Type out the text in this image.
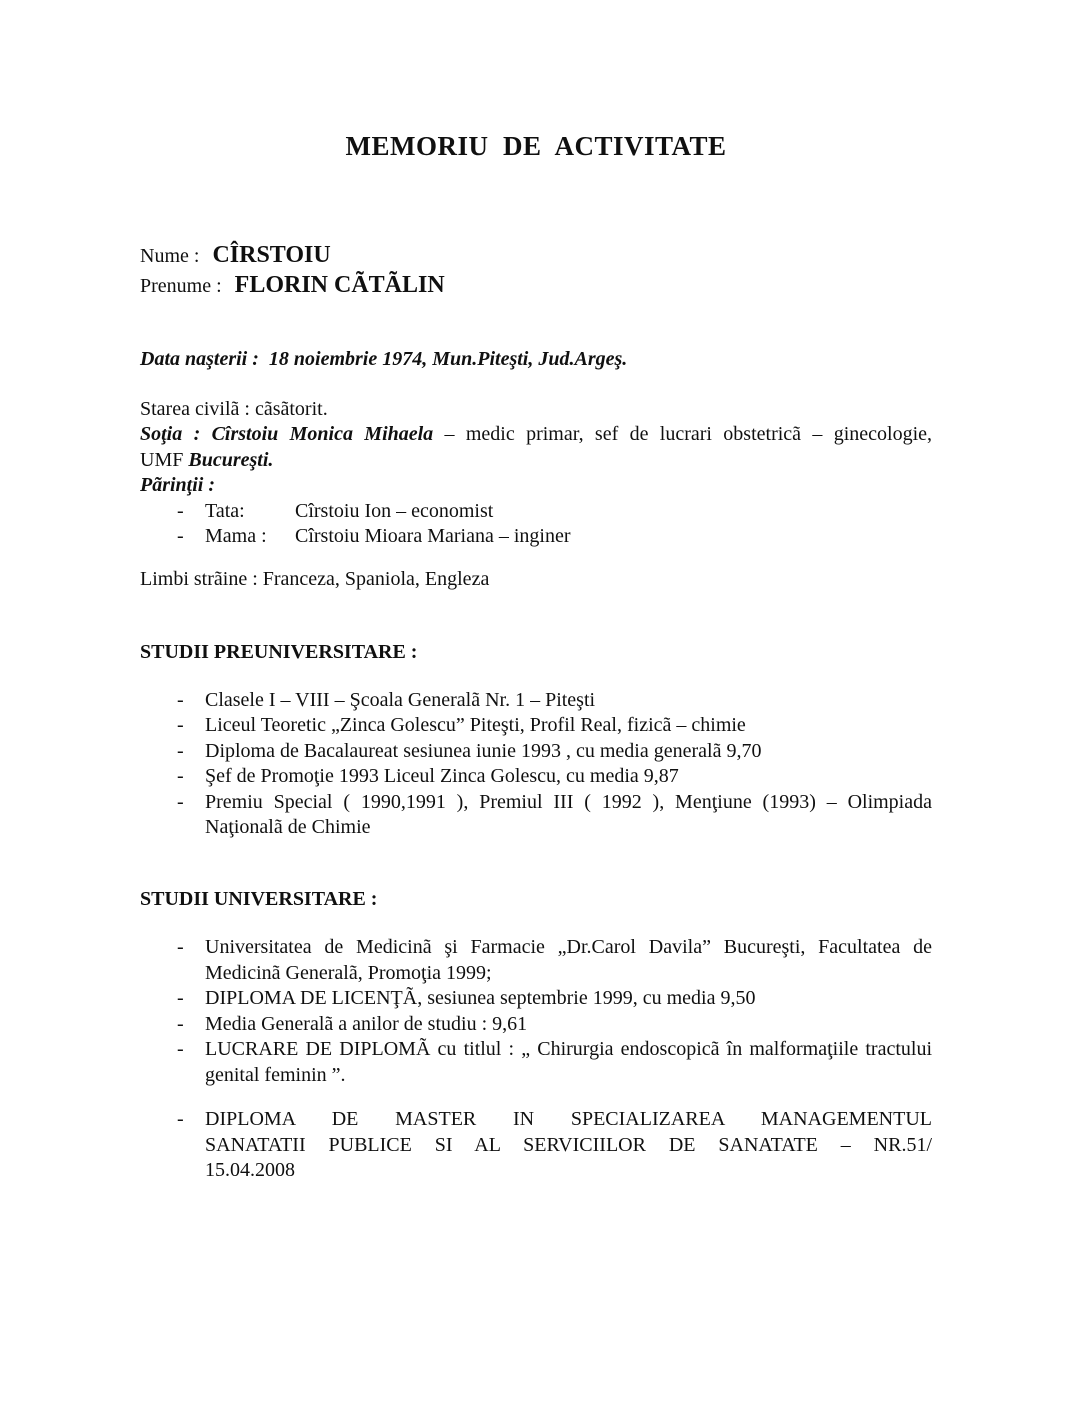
MEMORIU  DE  ACTIVITATE
Nume : CÎRSTOIU
Prenume : FLORIN CÃTÃLIN

Data naşterii :  18 noiembrie 1974, Mun.Piteşti, Jud.Argeş.

Starea civilã : cãsãtorit.

Soţia : Cîrstoiu Monica Mihaela – medic primar, sef de lucrari obstetricã – ginecologie,

UMF Bucureşti.

Pãrinţii :

- Tata:	Cîrstoiu Ion – economist
- Mama : Cîrstoiu Mioara Mariana – inginer

Limbi strãine : Franceza, Spaniola, Engleza

STUDII PREUNIVERSITARE :
- Clasele I – VIII – Şcoala Generalã Nr. 1 – Piteşti
- Liceul Teoretic „Zinca Golescu” Piteşti, Profil Real, fizicã – chimie
- Diploma de Bacalaureat sesiunea iunie 1993 , cu media generalã 9,70
- Şef de Promoţie 1993 Liceul Zinca Golescu, cu media 9,87
- Premiu Special ( 1990,1991 ), Premiul III ( 1992 ), Menţiune (1993) – Olimpiada Naţionalã de Chimie
STUDII UNIVERSITARE :
- Universitatea de Medicinã şi Farmacie „Dr.Carol Davila” Bucureşti, Facultatea de Medicinã Generalã, Promoţia 1999;
- DIPLOMA DE LICENŢÃ, sesiunea septembrie 1999, cu media 9,50
- Media Generalã a anilor de studiu : 9,61
- LUCRARE DE DIPLOMÃ cu titlul : „ Chirurgia endoscopicã în malformaţiile tractului genital feminin ”.
- DIPLOMA DE MASTER IN SPECIALIZAREA MANAGEMENTUL
SANATATII PUBLICE SI AL SERVICIILOR DE SANATATE – NR.51/
15.04.2008
